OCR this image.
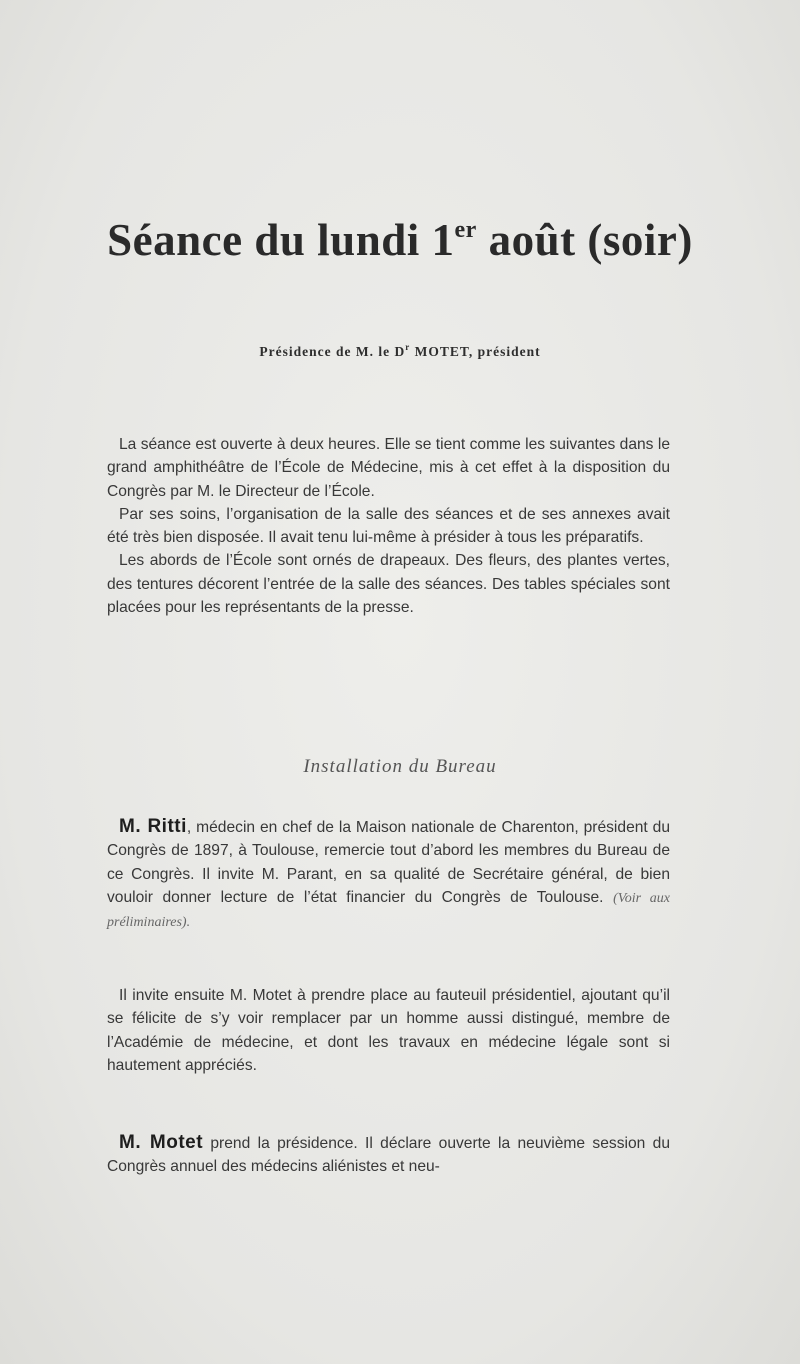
Séance du lundi 1er août (soir)
Présidence de M. le $D^r$ MOTET, président

La séance est ouverte à deux heures. Elle se tient comme les suivantes dans le grand amphithéâtre de l’École de Médecine, mis à cet effet à la disposition du Congrès par M. le Directeur de l’École.

Par ses soins, l’organisation de la salle des séances et de ses annexes avait été très bien disposée. Il avait tenu lui-même à présider à tous les préparatifs.

Les abords de l’École sont ornés de drapeaux. Des fleurs, des plantes vertes, des tentures décorent l’entrée de la salle des séances. Des tables spéciales sont placées pour les représentants de la presse.

Installation du Bureau

M. Ritti, médecin en chef de la Maison nationale de Charenton, président du Congrès de 1897, à Toulouse, remercie tout d’abord les membres du Bureau de ce Congrès. Il invite M. Parant, en sa qualité de Secrétaire général, de bien vouloir donner lecture de l’état financier du Congrès de Toulouse. (Voir aux préliminaires).

Il invite ensuite M. Motet à prendre place au fauteuil présidentiel, ajoutant qu’il se félicite de s’y voir remplacer par un homme aussi distingué, membre de l’Académie de médecine, et dont les travaux en médecine légale sont si hautement appréciés.

M. Motet prend la présidence. Il déclare ouverte la neuvième session du Congrès annuel des médecins aliénistes et neu-
